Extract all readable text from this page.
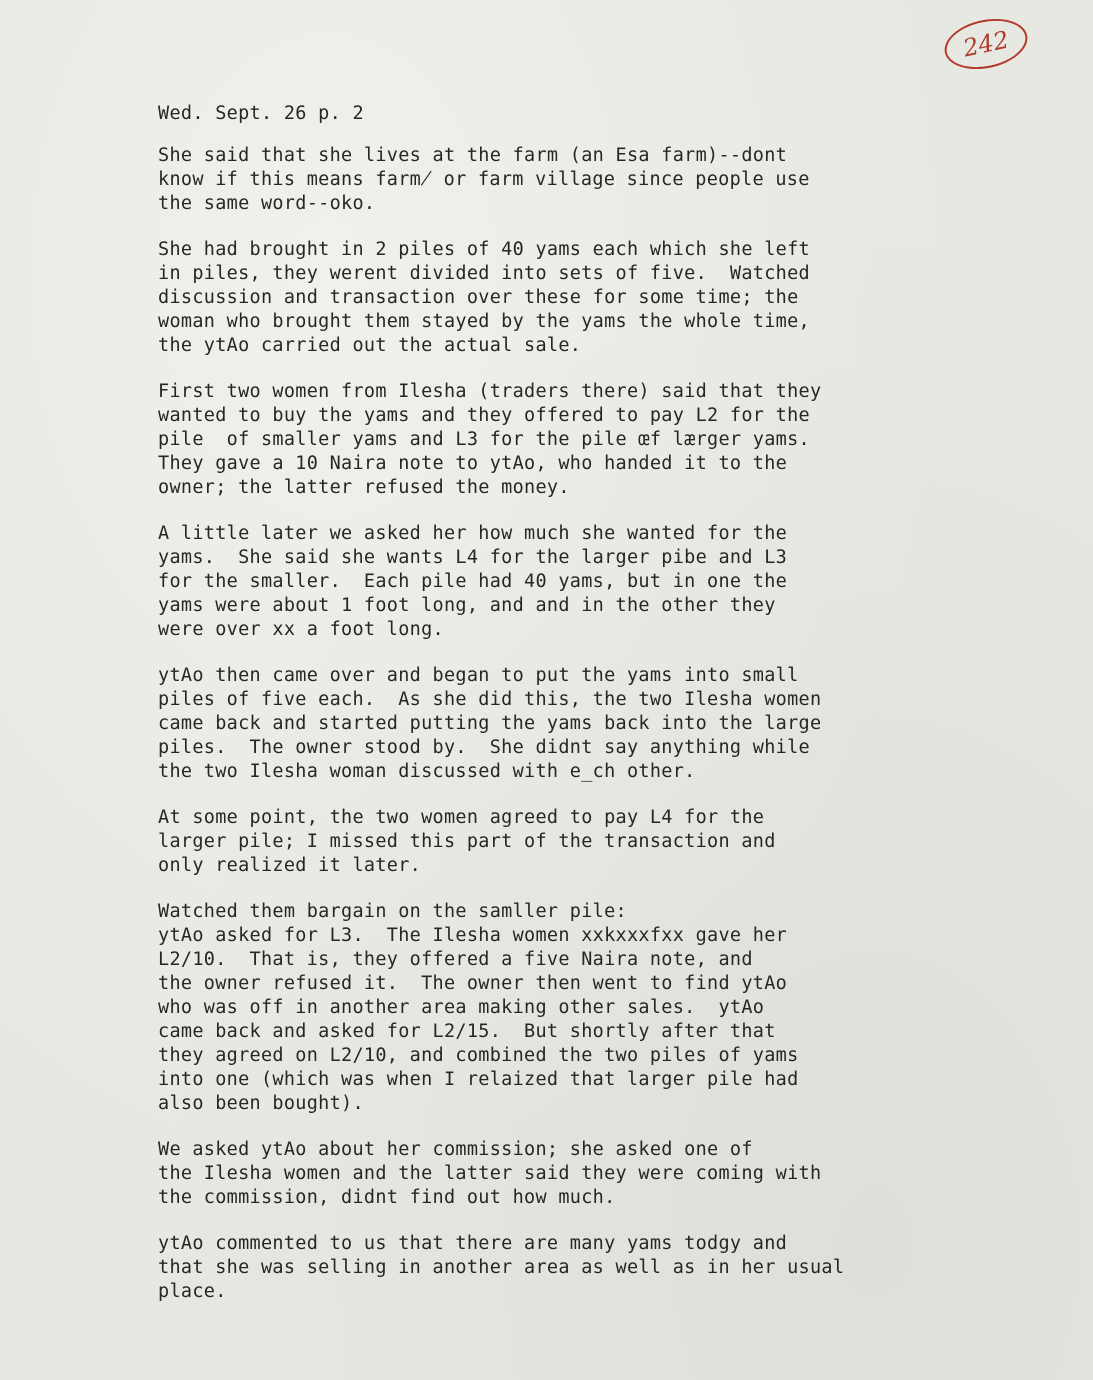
242
Wed. Sept. 26 p. 2
She said that she lives at the farm (an Esa farm)--dont
know if this means farm̸ or farm village since people use
the same word--oko.
She had brought in 2 piles of 40 yams each which she left
in piles, they werent divided into sets of five.  Watched
discussion and transaction over these for some time; the
woman who brought them stayed by the yams the whole time,
the ytAo carried out the actual sale.
First two women from Ilesha (traders there) said that they
wanted to buy the yams and they offered to pay L2 for the
pile  of smaller yams and L3 for the pile œf lærger yams.
They gave a 10 Naira note to ytAo, who handed it to the
owner; the latter refused the money.
A little later we asked her how much she wanted for the
yams.  She said she wants L4 for the larger pibe and L3
for the smaller.  Each pile had 40 yams, but in one the
yams were about 1 foot long, and and in the other they
were over xx a foot long.
ytAo then came over and began to put the yams into small
piles of five each.  As she did this, the two Ilesha women
came back and started putting the yams back into the large
piles.  The owner stood by.  She didnt say anything while
the two Ilesha woman discussed with e_ch other.
At some point, the two women agreed to pay L4 for the
larger pile; I missed this part of the transaction and
only realized it later.
Watched them bargain on the samller pile:
ytAo asked for L3.  The Ilesha women xxkxxxfxx gave her
L2/10.  That is, they offered a five Naira note, and
the owner refused it.  The owner then went to find ytAo
who was off in another area making other sales.  ytAo
came back and asked for L2/15.  But shortly after that
they agreed on L2/10, and combined the two piles of yams
into one (which was when I relaized that larger pile had
also been bought).
We asked ytAo about her commission; she asked one of
the Ilesha women and the latter said they were coming with
the commission, didnt find out how much.
ytAo commented to us that there are many yams todgy and
that she was selling in another area as well as in her usual
place.
